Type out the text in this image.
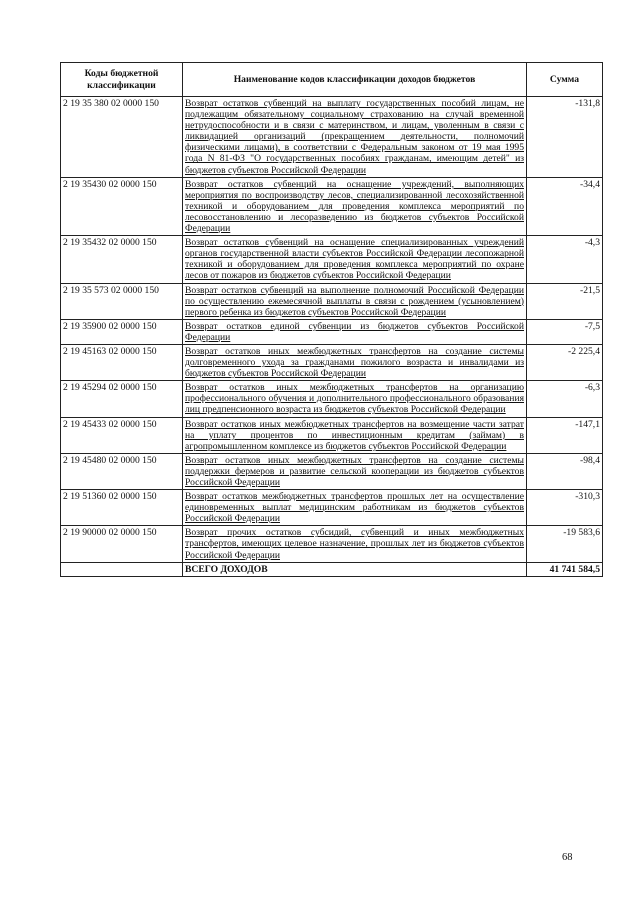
Коды бюджетной классификации	Наименование кодов классификации доходов бюджетов	Сумма
2 19 35 380 02 0000 150	Возврат остатков субвенций на выплату государственных пособий лицам, не подлежащим обязательному социальному страхованию на случай временной нетрудоспособности и в связи с материнством, и лицам, уволенным в связи с ликвидацией организаций (прекращением деятельности, полномочий физическими лицами), в соответствии с Федеральным законом от 19 мая 1995 года N 81-ФЗ "О государственных пособиях гражданам, имеющим детей" из бюджетов субъектов Российской Федерации	-131,8
2 19 35430 02 0000 150	Возврат остатков субвенций на оснащение учреждений, выполняющих мероприятия по воспроизводству лесов, специализированной лесохозяйственной техникой и оборудованием для проведения комплекса мероприятий по лесовосстановлению и лесоразведению из бюджетов субъектов Российской Федерации	-34,4
2 19 35432 02 0000 150	Возврат остатков субвенций на оснащение специализированных учреждений органов государственной власти субъектов Российской Федерации лесопожарной техникой и оборудованием для проведения комплекса мероприятий по охране лесов от пожаров из бюджетов субъектов Российской Федерации	-4,3
2 19 35 573 02 0000 150	Возврат остатков субвенций на выполнение полномочий Российской Федерации по осуществлению ежемесячной выплаты в связи с рождением (усыновлением) первого ребенка из бюджетов субъектов Российской Федерации	-21,5
2 19 35900 02 0000 150	Возврат остатков единой субвенции из бюджетов субъектов Российской Федерации	-7,5
2 19 45163 02 0000 150	Возврат остатков иных межбюджетных трансфертов на создание системы долговременного ухода за гражданами пожилого возраста и инвалидами из бюджетов субъектов Российской Федерации	-2 225,4
2 19 45294 02 0000 150	Возврат остатков иных межбюджетных трансфертов на организацию профессионального обучения и дополнительного профессионального образования лиц предпенсионного возраста из бюджетов субъектов Российской Федерации	-6,3
2 19 45433 02 0000 150	Возврат остатков иных межбюджетных трансфертов на возмещение части затрат на уплату процентов по инвестиционным кредитам (займам) в агропромышленном комплексе из бюджетов субъектов Российской Федерации	-147,1
2 19 45480 02 0000 150	Возврат остатков иных межбюджетных трансфертов на создание системы поддержки фермеров и развитие сельской кооперации из бюджетов субъектов Российской Федерации	-98,4
2 19 51360 02 0000 150	Возврат остатков межбюджетных трансфертов прошлых лет на осуществление единовременных выплат медицинским работникам из бюджетов субъектов Российской Федерации	-310,3
2 19 90000 02 0000 150	Возврат прочих остатков субсидий, субвенций и иных межбюджетных трансфертов, имеющих целевое назначение, прошлых лет из бюджетов субъектов Российской Федерации	-19 583,6
	ВСЕГО ДОХОДОВ	41 741 584,5
68
